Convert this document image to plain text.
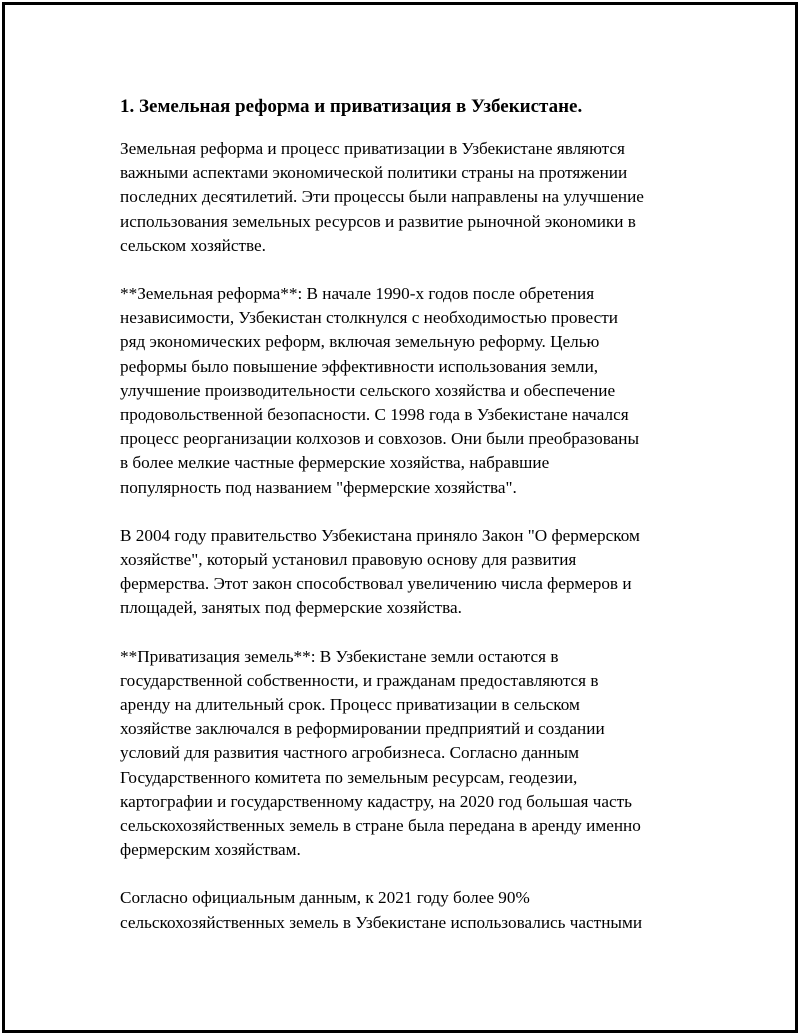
1. Земельная реформа и приватизация в Узбекистане.

Земельная реформа и процесс приватизации в Узбекистане являются
важными аспектами экономической политики страны на протяжении
последних десятилетий. Эти процессы были направлены на улучшение
использования земельных ресурсов и развитие рыночной экономики в
сельском хозяйстве.

**Земельная реформа**: В начале 1990-х годов после обретения
независимости, Узбекистан столкнулся с необходимостью провести
ряд экономических реформ, включая земельную реформу. Целью
реформы было повышение эффективности использования земли,
улучшение производительности сельского хозяйства и обеспечение
продовольственной безопасности. С 1998 года в Узбекистане начался
процесс реорганизации колхозов и совхозов. Они были преобразованы
в более мелкие частные фермерские хозяйства, набравшие
популярность под названием "фермерские хозяйства".

В 2004 году правительство Узбекистана приняло Закон "О фермерском
хозяйстве", который установил правовую основу для развития
фермерства. Этот закон способствовал увеличению числа фермеров и
площадей, занятых под фермерские хозяйства.

**Приватизация земель**: В Узбекистане земли остаются в
государственной собственности, и гражданам предоставляются в
аренду на длительный срок. Процесс приватизации в сельском
хозяйстве заключался в реформировании предприятий и создании
условий для развития частного агробизнеса. Согласно данным
Государственного комитета по земельным ресурсам, геодезии,
картографии и государственному кадастру, на 2020 год большая часть
сельскохозяйственных земель в стране была передана в аренду именно
фермерским хозяйствам.

Согласно официальным данным, к 2021 году более 90%
сельскохозяйственных земель в Узбекистане использовались частными
